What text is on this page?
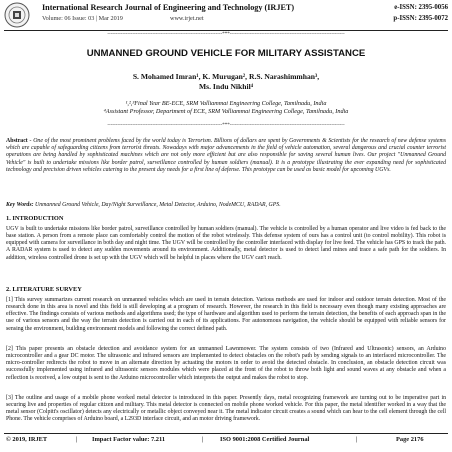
International Research Journal of Engineering and Technology (IRJET)
Volume: 06 Issue: 03 | Mar 2019	www.irjet.net
e-ISSN: 2395-0056
p-ISSN: 2395-0072
---------------------------------------------------------------------***---------------------------------------------------------------------
UNMANNED GROUND VEHICLE FOR MILITARY ASSISTANCE
S. Mohamed Imran¹, K. Murugan², R.S. Narashimmhan³,
Ms. Indu Nikhil⁴
¹,²,³Final Year BE-ECE, SRM Valliammai Engineering College, Tamilnadu, India
⁴Assistant Professor, Department of ECE, SRM Valliammai Engineering College, Tamilnadu, India
---------------------------------------------------------------------***---------------------------------------------------------------------
Abstract - One of the most prominent problems faced by the world today is Terrorism. Billions of dollars are spent by Governments & Scientists for the research of new defense systems which are capable of safeguarding citizens from terrorist threats. Nowadays with major advancements in the field of vehicle automation, several dangerous and crucial counter terrorist operations are being handled by sophisticated machines which are not only more efficient but are also responsible for saving several human lives. Our project "Unmanned Ground Vehicle" is built to undertake missions like border patrol, surveillance controlled by human soldiers (manual). It is a prototype illustrating the ever expanding need for sophisticated technology and precision driven vehicles catering to the present day needs for a first line of defense. This prototype can be used as basic model for upcoming UGVs.
Key Words: Unmanned Ground Vehicle, Day/Night Surveillance, Metal Detector, Arduino, NodeMCU, RADAR, GPS.
1. INTRODUCTION
UGV is built to undertake missions like border patrol, surveillance controlled by human soldiers (manual). The vehicle is controlled by a human operator and live video is fed back to the base station. A person from a remote place can comfortably control the motion of the robot wirelessly. This defense system of ours has a control unit (to control mobility). This robot is equipped with camera for surveillance in both day and night time. The UGV will be controlled by the controller interfaced with display for live feed. The vehicle has GPS to track the path. A RADAR system is used to detect any sudden movements around its environment. Additionally, metal detector is used to detect land mines and trace a safe path for the soldiers. In addition, wireless controlled drone is set up with the UGV which will be helpful in places where the UGV can't reach.
2. LITERATURE SURVEY
[1] This survey summarizes current research on unmanned vehicles which are used in terrain detection. Various methods are used for indoor and outdoor terrain detection. Most of the research done in this area is novel and this field is still developing at a program of research. However, the research in this field is necessary even though many existing approaches are effective. The findings consists of various methods and algorithms used; the type of hardware and algorithm used to perform the terrain detection, the benefits of each approach span in the use of various sensors and the way the terrain detection is carried out in each of its applications. For autonomous navigation, the vehicle should be equipped with reliable sensors for sensing the environment, building environment models and following the correct defined path.
[2] This paper presents an obstacle detection and avoidance system for an unmanned Lawnmower. The system consists of two (Infrared and Ultrasonic) sensors, an Arduino microcontroller and a gear DC motor. The ultrasonic and infrared sensors are implemented to detect obstacles on the robot's path by sending signals to an interfaced microcontroller. The micro-controller redirects the robot to move in an alternate direction by actuating the motors in order to avoid the detected obstacle. In conclusion, an obstacle detection circuit was successfully implemented using infrared and ultrasonic sensors modules which were placed at the front of the robot to throw both light and sound waves at any obstacle and when a reflection is received, a low output is sent to the Arduino microcontroller which interprets the output and makes the robot to stop.
[3] The outline and usage of a mobile phone worked metal detector is introduced in this paper. Presently days, metal recognizing framework are turning out to be imperative part in securing live and properties of regular citizen and military. This metal detector is connected on mobile phone worked vehicle. For this paper, the metal identifier worked in a way that the metal sensor (Colpitt's oscillator) detects any electrically or metallic object conveyed near it. The metal indicator circuit creates a sound which can hear to the cell element through the cell Phone. The vehicle comprises of Arduino board, a L293D interface circuit, and an motor driving framework.
© 2019, IRJET	| Impact Factor value: 7.211	|	ISO 9001:2008 Certified Journal	|	Page 2176
